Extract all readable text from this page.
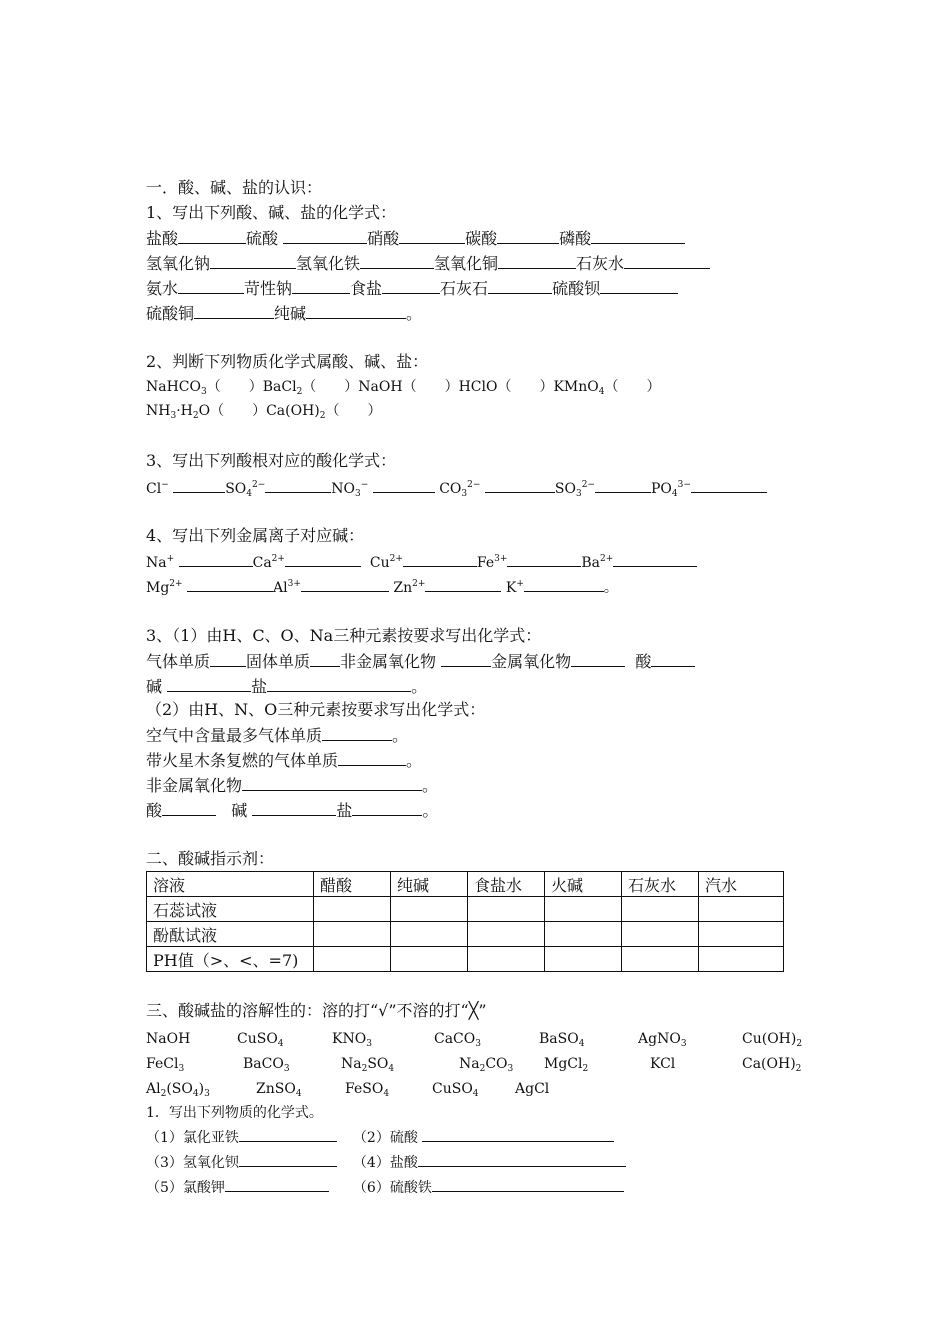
一．酸、碱、盐的认识：
1、写出下列酸、碱、盐的化学式：
盐酸	硫酸	硝酸	碳酸	磷酸
氢氧化钠	氢氧化铁	氢氧化铜	石灰水
氨水	苛性钠	食盐	石灰石	硫酸钡
硫酸铜	纯碱	。
2、判断下列物质化学式属酸、碱、盐：
NaHCO$_3$（　　）BaCl$_2$（　　）NaOH（　　）HClO（　　）KMnO$_4$（　　）
$NH_3\cdot H_2O$（　　）$Ca(OH)_2$（　　）
3、写出下列酸根对应的酸化学式：
Cl−	$SO_4^{2-}$	$NO_3^-$	$CO_3^{2-}$	$SO_3^{2-}$	$PO_4^{3-}$
4、写出下列金属离子对应碱：
Na+	$Ca^{2+}$	$Cu^{2+}$	$Fe^{3+}$	$Ba^{2+}$
$Mg^{2+}$	$Al^{3+}$	$Zn^{2+}$	K+	。
3、（1）由H、C、O、Na三种元素按要求写出化学式：
气体单质 固体单质 非金属氧化物	金属氧化物	酸
碱	盐	。
（2）由H、N、O三种元素按要求写出化学式：
空气中含量最多气体单质	。
带火星木条复燃的气体单质	。
非金属氧化物	。
酸	碱	盐	。
二、酸碱指示剂：
溶液	醋酸	纯碱	食盐水	火碱	石灰水	汽水
石蕊试液						
酚酞试液						
PH值（>、<、=7)						
三、酸碱盐的溶解性的：溶的打“√”不溶的打“╳”
NaOH	CuSO$_4$	$KNO_3$	CaCO$_3$	BaSO$_4$	AgNO$_3$	$Cu(OH)_2$
FeCl$_3$	BaCO$_3$	$Na_2SO_4$	$Na_2CO_3$ MgCl$_2$	KCl	$Ca(OH)_2$
$Al_2(SO_4)_3$	ZnSO$_4$	FeSO$_4$	CuSO$_4$	AgCl
1．写出下列物质的化学式。
（1）氯化亚铁	（2）硫酸
（3）氢氧化钡	（4）盐酸
（5）氯酸钾	（6）硫酸铁
